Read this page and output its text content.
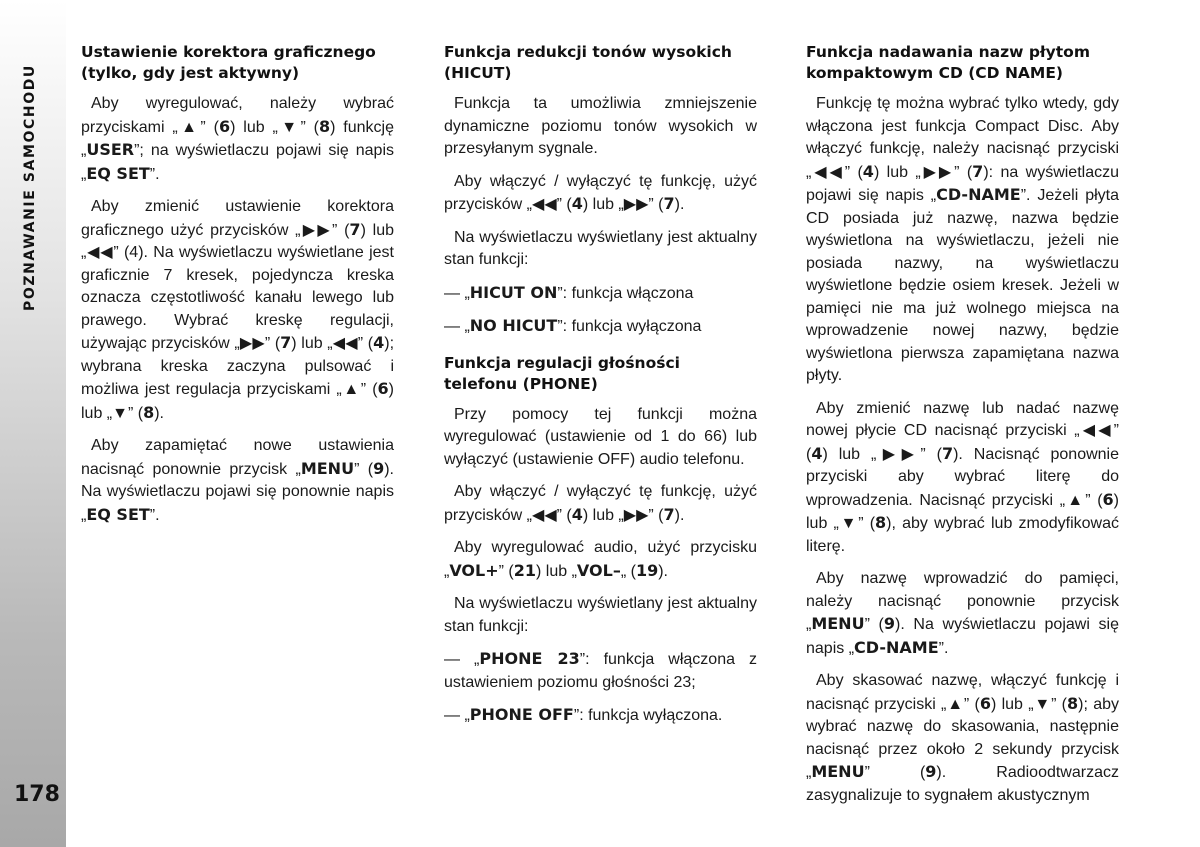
POZNAWANIE SAMOCHODU
178
Ustawienie korektora graficznego (tylko, gdy jest aktywny)

Aby wyregulować, należy wybrać przyciskami „▲” (6) lub „▼” (8) funkcję „USER”; na wyświetlaczu pojawi się napis „EQ SET”.

Aby zmienić ustawienie korektora graficznego użyć przycisków „▶▶” (7) lub „◀◀” (4). Na wyświetlaczu wyświetlane jest graficznie 7 kresek, pojedyncza kreska oznacza częstotliwość kanału lewego lub prawego. Wybrać kreskę regulacji, używając przycisków „▶▶” (7) lub „◀◀” (4); wybrana kreska zaczyna pulsować i możliwa jest regulacja przyciskami „▲” (6) lub „▼” (8).

Aby zapamiętać nowe ustawienia nacisnąć ponownie przycisk „MENU” (9). Na wyświetlaczu pojawi się ponownie napis „EQ SET”.

Funkcja redukcji tonów wysokich (HICUT)

Funkcja ta umożliwia zmniejszenie dynamiczne poziomu tonów wysokich w przesyłanym sygnale.

Aby włączyć / wyłączyć tę funkcję, użyć przycisków „◀◀” (4) lub „▶▶” (7).

Na wyświetlaczu wyświetlany jest aktualny stan funkcji:

— „HICUT ON”: funkcja włączona

— „NO HICUT”: funkcja wyłączona

Funkcja regulacji głośności telefonu (PHONE)

Przy pomocy tej funkcji można wyregulować (ustawienie od 1 do 66) lub wyłączyć (ustawienie OFF) audio telefonu.

Aby włączyć / wyłączyć tę funkcję, użyć przycisków „◀◀” (4) lub „▶▶” (7).

Aby wyregulować audio, użyć przycisku „VOL+” (21) lub „VOL–„ (19).

Na wyświetlaczu wyświetlany jest aktualny stan funkcji:

— „PHONE 23”: funkcja włączona z ustawieniem poziomu głośności 23;

— „PHONE OFF”: funkcja wyłączona.

Funkcja nadawania nazw płytom kompaktowym CD (CD NAME)

Funkcję tę można wybrać tylko wtedy, gdy włączona jest funkcja Compact Disc. Aby włączyć funkcję, należy nacisnąć przyciski „◀◀” (4) lub „▶▶” (7): na wyświetlaczu pojawi się napis „CD-NAME”. Jeżeli płyta CD posiada już nazwę, nazwa będzie wyświetlona na wyświetlaczu, jeżeli nie posiada nazwy, na wyświetlaczu wyświetlone będzie osiem kresek. Jeżeli w pamięci nie ma już wolnego miejsca na wprowadzenie nowej nazwy, będzie wyświetlona pierwsza zapamiętana nazwa płyty.

Aby zmienić nazwę lub nadać nazwę nowej płycie CD nacisnąć przyciski „◀◀” (4) lub „▶▶” (7). Nacisnąć ponownie przyciski aby wybrać literę do wprowadzenia. Nacisnąć przyciski „▲” (6) lub „▼” (8), aby wybrać lub zmodyfikować literę.

Aby nazwę wprowadzić do pamięci, należy nacisnąć ponownie przycisk „MENU” (9). Na wyświetlaczu pojawi się napis „CD-NAME”.

Aby skasować nazwę, włączyć funkcję i nacisnąć przyciski „▲” (6) lub „▼” (8); aby wybrać nazwę do skasowania, następnie nacisnąć przez około 2 sekundy przycisk „MENU” (9). Radioodtwarzacz zasygnalizuje to sygnałem akustycznym
